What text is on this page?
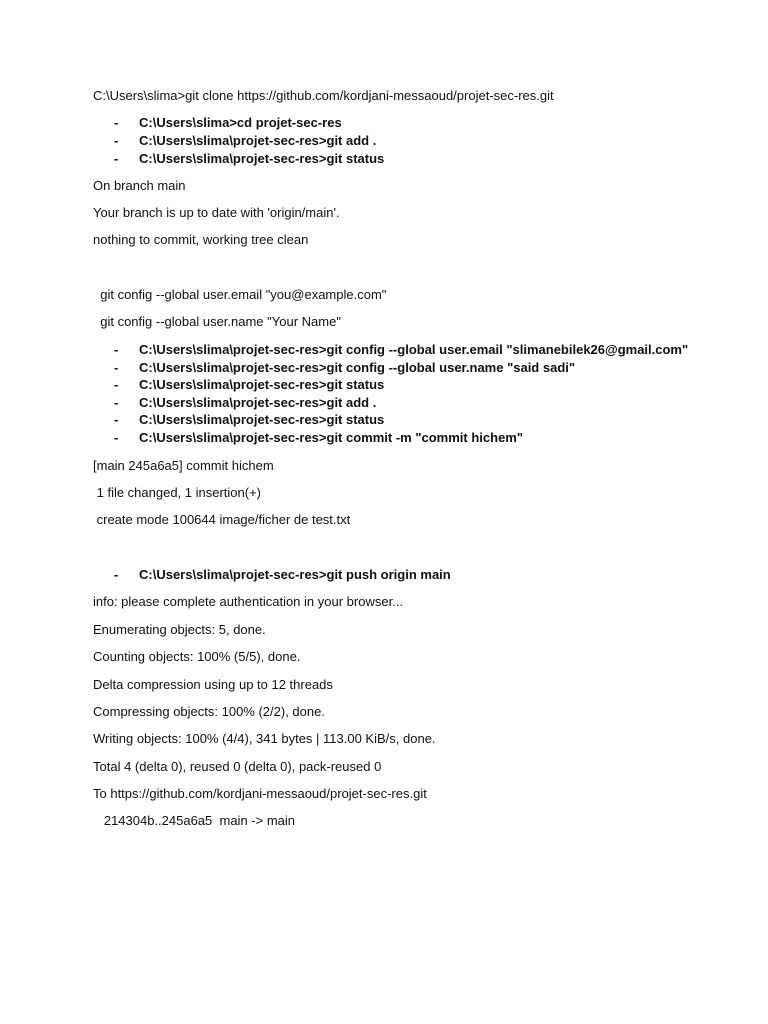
C:\Users\slima>git clone https://github.com/kordjani-messaoud/projet-sec-res.git
- C:\Users\slima>cd projet-sec-res
- C:\Users\slima\projet-sec-res>git add .
- C:\Users\slima\projet-sec-res>git status
On branch main
Your branch is up to date with 'origin/main'.
nothing to commit, working tree clean
git config --global user.email "you@example.com"
git config --global user.name "Your Name"
- C:\Users\slima\projet-sec-res>git config --global user.email "slimanebilek26@gmail.com"
- C:\Users\slima\projet-sec-res>git config --global user.name "said sadi"
- C:\Users\slima\projet-sec-res>git status
- C:\Users\slima\projet-sec-res>git add .
- C:\Users\slima\projet-sec-res>git status
- C:\Users\slima\projet-sec-res>git commit -m "commit hichem"
[main 245a6a5] commit hichem
1 file changed, 1 insertion(+)
create mode 100644 image/ficher de test.txt
- C:\Users\slima\projet-sec-res>git push origin main
info: please complete authentication in your browser...
Enumerating objects: 5, done.
Counting objects: 100% (5/5), done.
Delta compression using up to 12 threads
Compressing objects: 100% (2/2), done.
Writing objects: 100% (4/4), 341 bytes | 113.00 KiB/s, done.
Total 4 (delta 0), reused 0 (delta 0), pack-reused 0
To https://github.com/kordjani-messaoud/projet-sec-res.git
214304b..245a6a5  main -> main
